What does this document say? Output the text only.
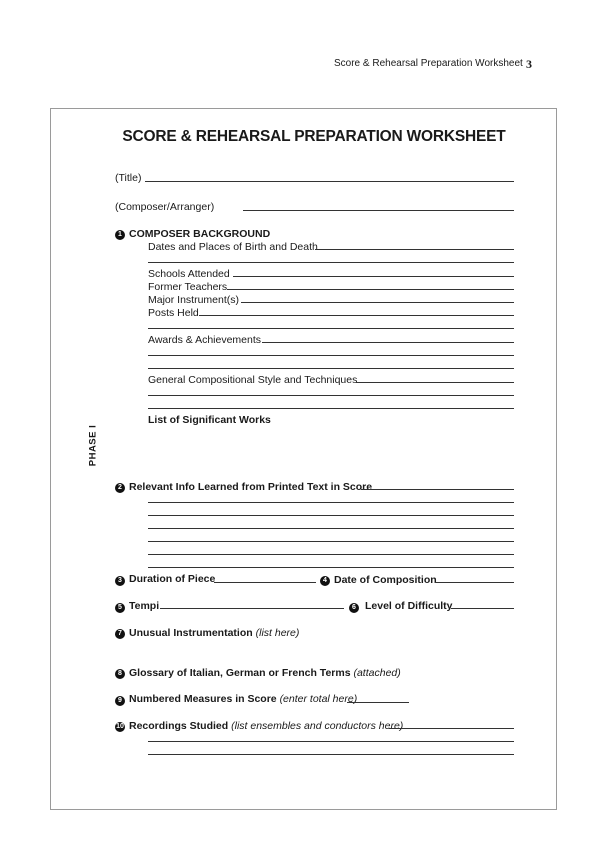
Score & Rehearsal Preparation Worksheet 3
SCORE & REHEARSAL PREPARATION WORKSHEET
PHASE I
(Title)
(Composer/Arranger)
1 COMPOSER BACKGROUND
Dates and Places of Birth and Death
Schools Attended
Former Teachers
Major Instrument(s)
Posts Held
Awards & Achievements
General Compositional Style and Techniques
List of Significant Works
2 Relevant Info Learned from Printed Text in Score
3 Duration of Piece	4 Date of Composition
5 Tempi	6 Level of Difficulty
7 Unusual Instrumentation (list here)
8 Glossary of Italian, German or French Terms (attached)
9 Numbered Measures in Score (enter total here)
10 Recordings Studied (list ensembles and conductors here)
